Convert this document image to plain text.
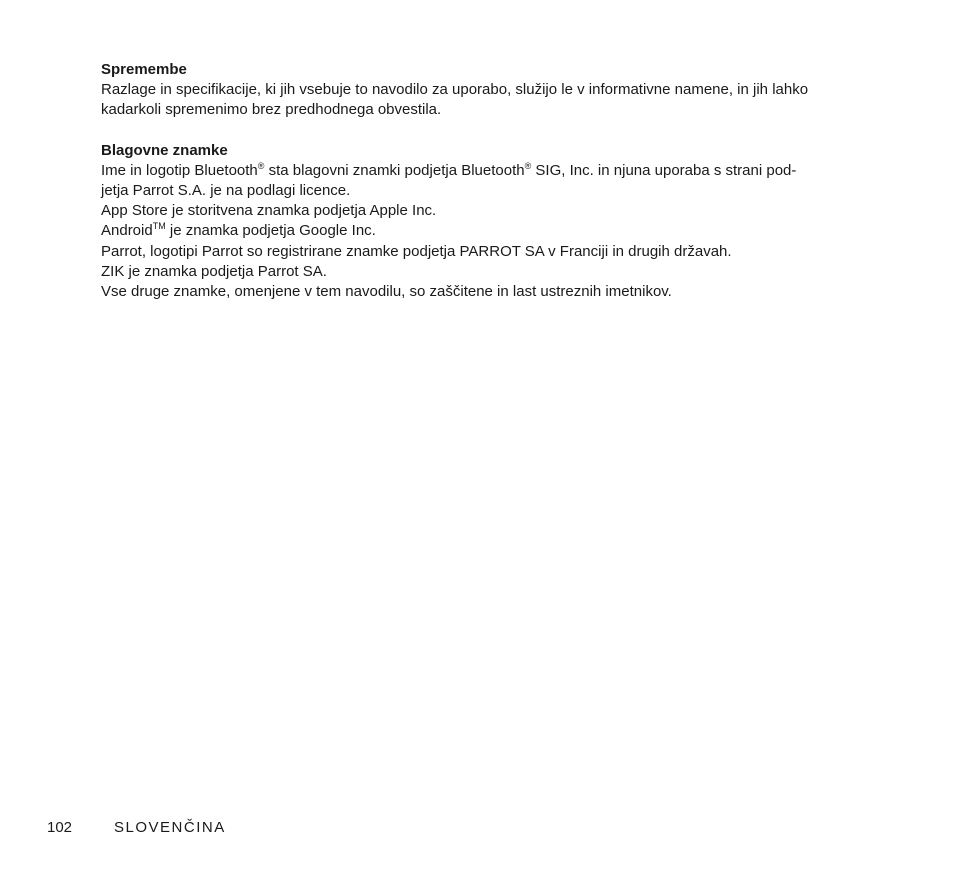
Spremembe
Razlage in specifikacije, ki jih vsebuje to navodilo za uporabo, služijo le v informativne namene, in jih lahko
kadarkoli spremenimo brez predhodnega obvestila.
Blagovne znamke
Ime in logotip Bluetooth® sta blagovni znamki podjetja Bluetooth® SIG, Inc. in njuna uporaba s strani pod-
jetja Parrot S.A. je na podlagi licence.
App Store je storitvena znamka podjetja Apple Inc.
Android™ je znamka podjetja Google Inc.
Parrot, logotipi Parrot so registrirane znamke podjetja PARROT SA v Franciji in drugih državah.
ZIK je znamka podjetja Parrot SA.
Vse druge znamke, omenjene v tem navodilu, so zaščitene in last ustreznih imetnikov.
102	SLOVENČINA
